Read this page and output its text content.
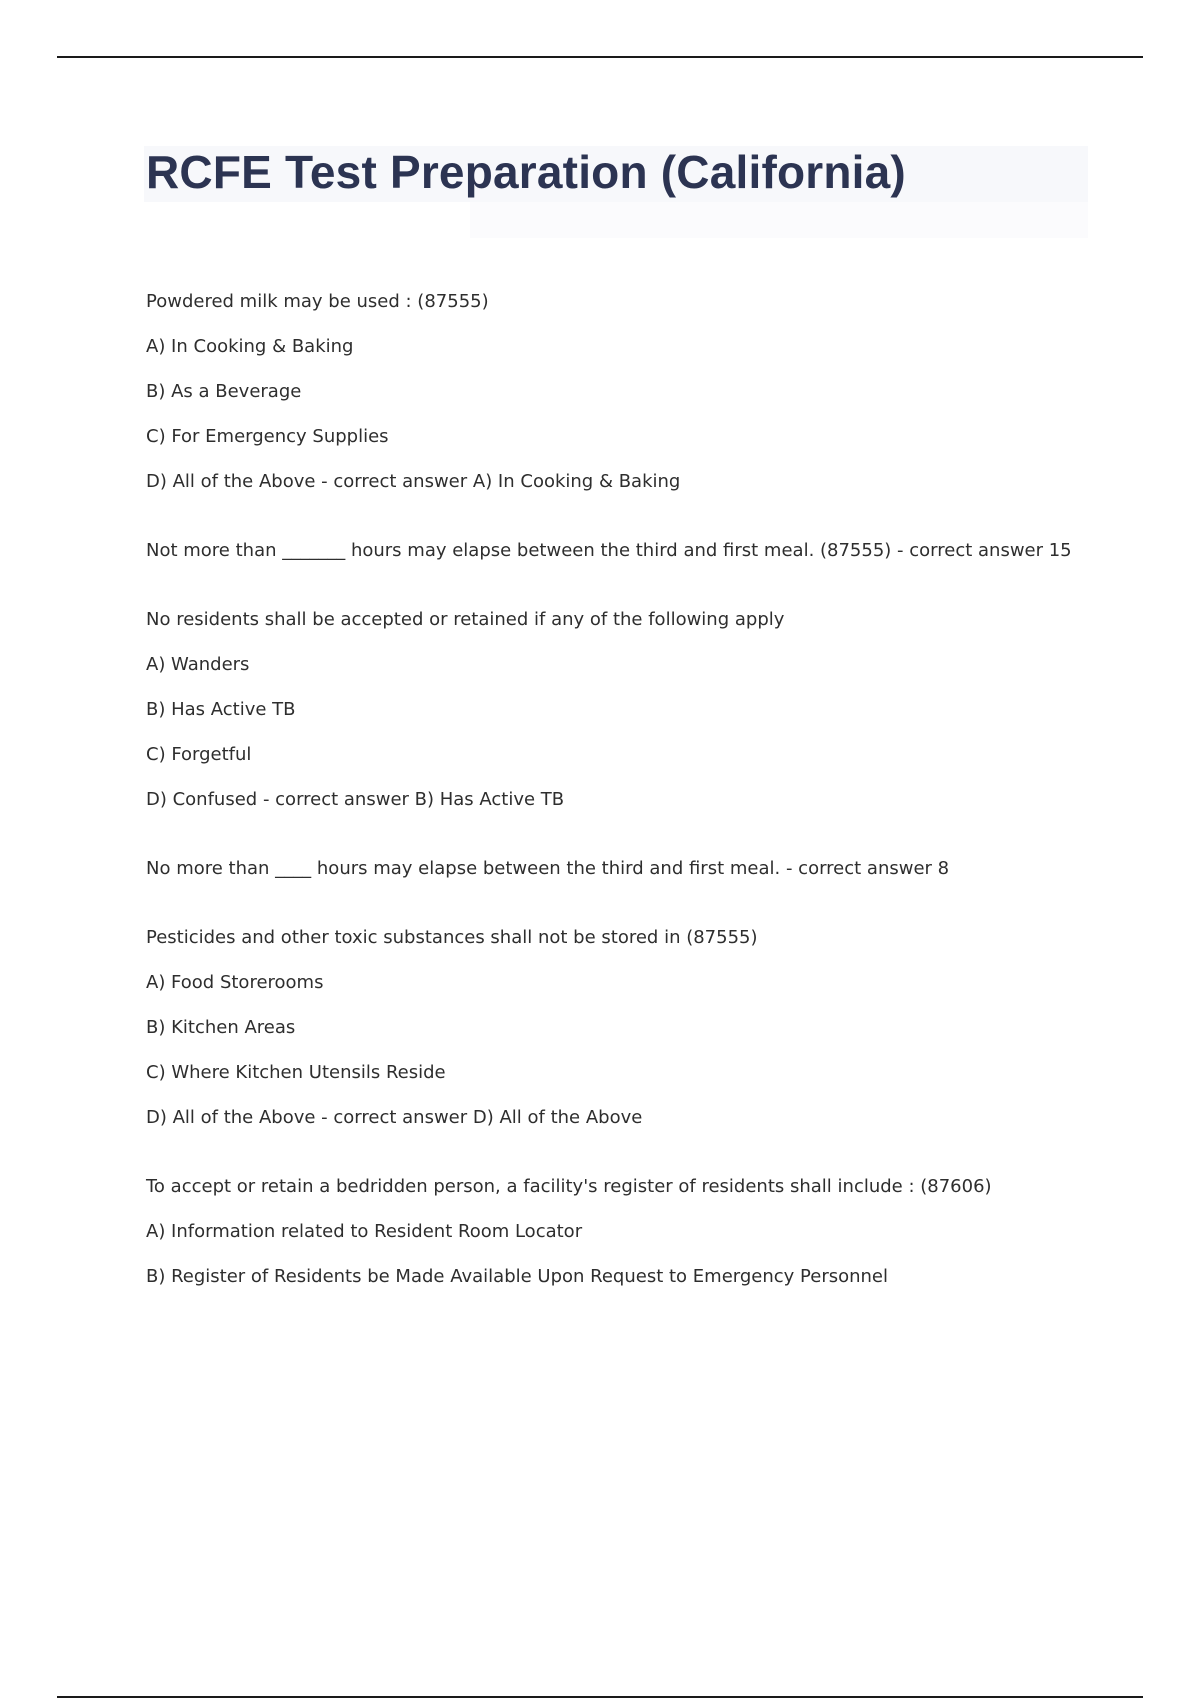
RCFE Test Preparation (California)
Powdered milk may be used : (87555)
A) In Cooking & Baking
B) As a Beverage
C) For Emergency Supplies
D) All of the Above - correct answer A) In Cooking & Baking
Not more than _______ hours may elapse between the third and first meal. (87555) - correct answer 15
No residents shall be accepted or retained if any of the following apply
A) Wanders
B) Has Active TB
C) Forgetful
D) Confused - correct answer B) Has Active TB
No more than ____ hours may elapse between the third and first meal. - correct answer 8
Pesticides and other toxic substances shall not be stored in (87555)
A) Food Storerooms
B) Kitchen Areas
C) Where Kitchen Utensils Reside
D) All of the Above - correct answer D) All of the Above
To accept or retain a bedridden person, a facility's register of residents shall include : (87606)
A) Information related to Resident Room Locator
B) Register of Residents be Made Available Upon Request to Emergency Personnel
